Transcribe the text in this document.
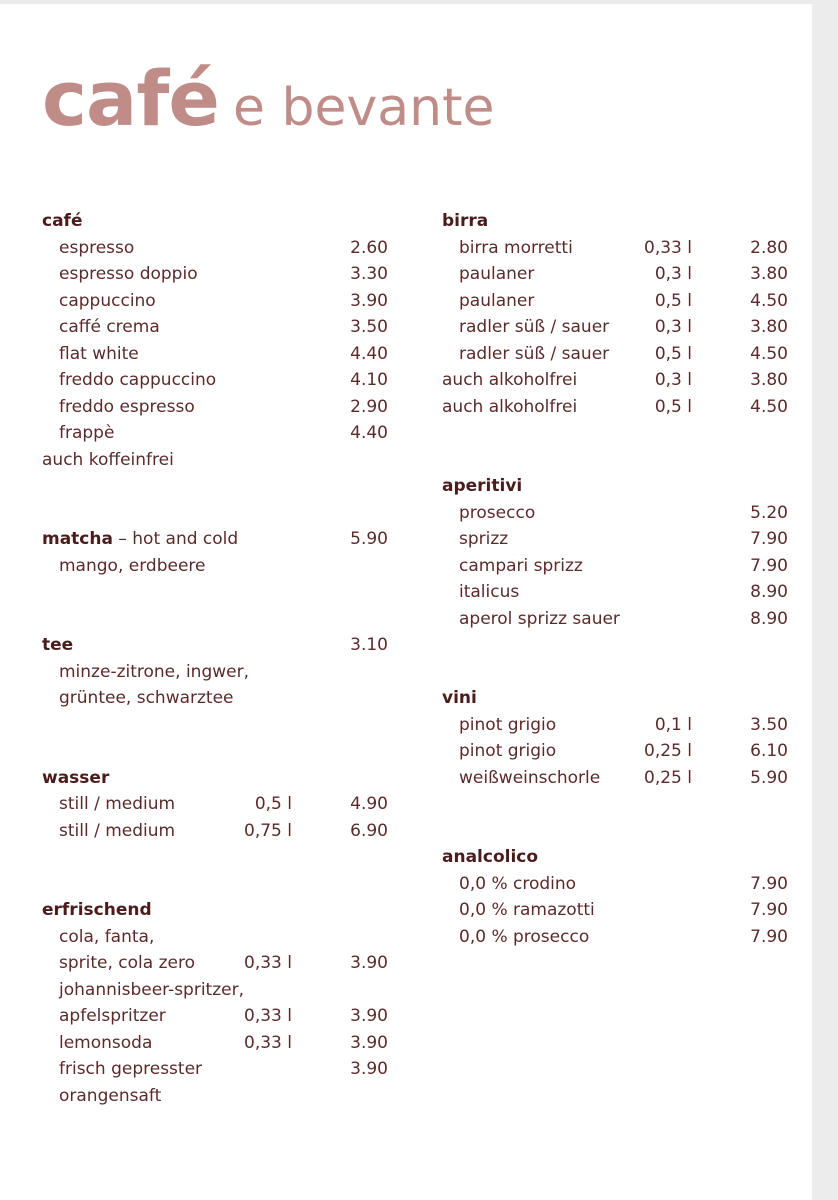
café e bevante
café
espresso	2.60
espresso doppio	3.30
cappuccino	3.90
caffé crema	3.50
flat white	4.40
freddo cappuccino	4.10
freddo espresso	2.90
frappè	4.40
auch koffeinfrei
matcha – hot and cold	5.90
mango, erdbeere
tee	3.10
minze-zitrone, ingwer,
grüntee, schwarztee
wasser
still / medium	0,5 l	4.90
still / medium	0,75 l	6.90
erfrischend
cola, fanta,
sprite, cola zero	0,33 l	3.90
johannisbeer-spritzer,
apfelspritzer	0,33 l	3.90
lemonsoda	0,33 l	3.90
frisch gepresster	3.90
orangensaft
birra
birra morretti	0,33 l	2.80
paulaner	0,3 l	3.80
paulaner	0,5 l	4.50
radler süß / sauer	0,3 l	3.80
radler süß / sauer	0,5 l	4.50
auch alkoholfrei	0,3 l	3.80
auch alkoholfrei	0,5 l	4.50
aperitivi
prosecco	5.20
sprizz	7.90
campari sprizz	7.90
italicus	8.90
aperol sprizz sauer	8.90
vini
pinot grigio	0,1 l	3.50
pinot grigio	0,25 l	6.10
weißweinschorle	0,25 l	5.90
analcolico
0,0 % crodino	7.90
0,0 % ramazotti	7.90
0,0 % prosecco	7.90
